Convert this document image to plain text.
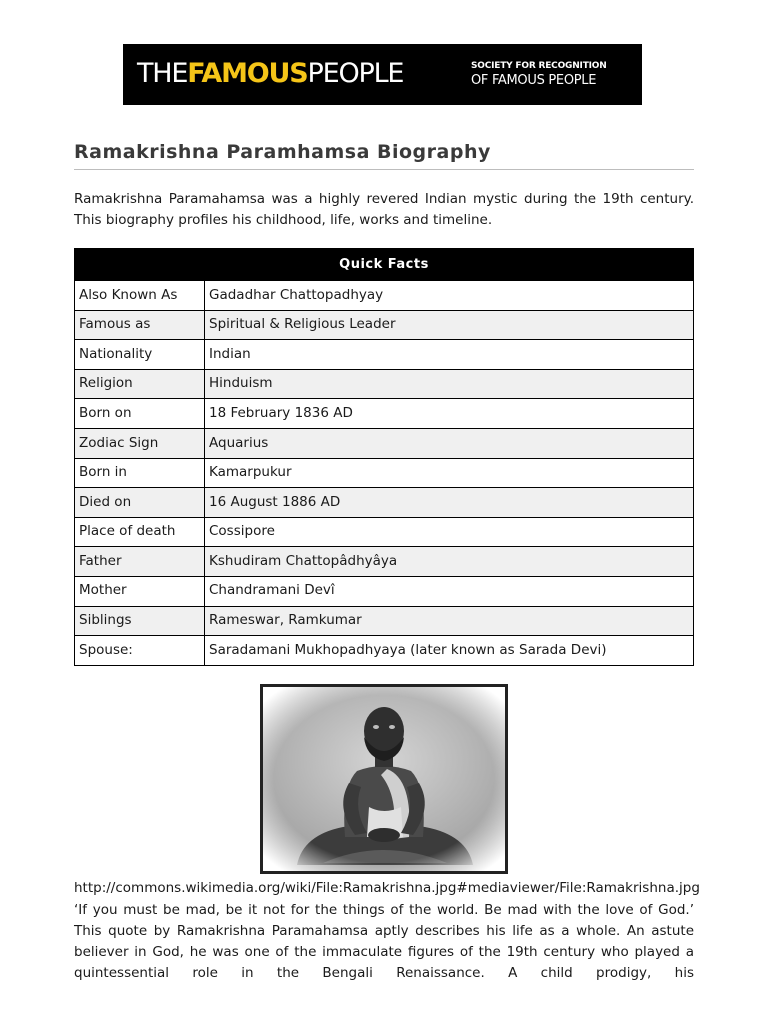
THEFAMOUSPEOPLE	SOCIETY FOR RECOGNITION
OF FAMOUS PEOPLE
Ramakrishna Paramhamsa Biography

Ramakrishna Paramahamsa was a highly revered Indian mystic during the 19th century. This biography profiles his childhood, life, works and timeline.

Quick Facts	
Also Known As	Gadadhar Chattopadhyay
Famous as	Spiritual & Religious Leader
Nationality	Indian
Religion	Hinduism
Born on	18 February 1836 AD
Zodiac Sign	Aquarius
Born in	Kamarpukur
Died on	16 August 1886 AD
Place of death	Cossipore
Father	Kshudiram Chattopâdhyâya
Mother	Chandramani Devî
Siblings	Rameswar, Ramkumar
Spouse:	Saradamani Mukhopadhyaya (later known as Sarada Devi)

http://commons.wikimedia.org/wiki/File:Ramakrishna.jpg#mediaviewer/File:Ramakrishna.jpg

‘If you must be mad, be it not for the things of the world. Be mad with the love of God.’ This quote by Ramakrishna Paramahamsa aptly describes his life as a whole. An astute believer in God, he was one of the immaculate figures of the 19th century who played a quintessential role in the Bengali Renaissance. A child prodigy, his
